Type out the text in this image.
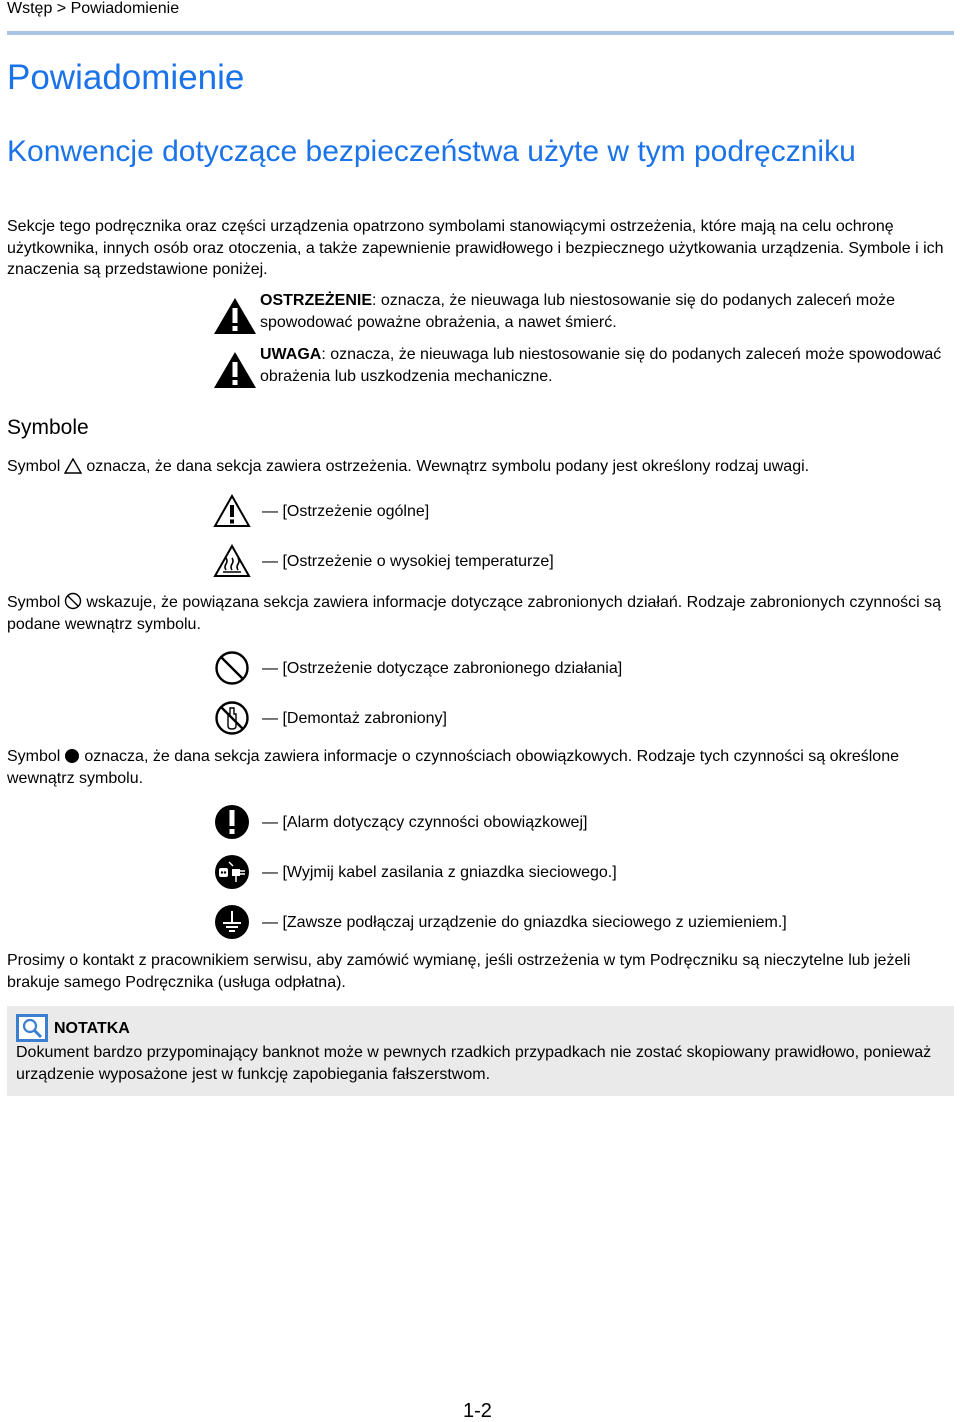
Wstęp > Powiadomienie
Powiadomienie
Konwencje dotyczące bezpieczeństwa użyte w tym podręczniku

Sekcje tego podręcznika oraz części urządzenia opatrzono symbolami stanowiącymi ostrzeżenia, które mają na celu ochronę użytkownika, innych osób oraz otoczenia, a także zapewnienie prawidłowego i bezpiecznego użytkowania urządzenia. Symbole i ich znaczenia są przedstawione poniżej.

OSTRZEŻENIE: oznacza, że nieuwaga lub niestosowanie się do podanych zaleceń może spowodować poważne obrażenia, a nawet śmierć.

UWAGA: oznacza, że nieuwaga lub niestosowanie się do podanych zaleceń może spowodować obrażenia lub uszkodzenia mechaniczne.

Symbole

Symbol oznacza, że dana sekcja zawiera ostrzeżenia. Wewnątrz symbolu podany jest określony rodzaj uwagi.

— [Ostrzeżenie ogólne]
— [Ostrzeżenie o wysokiej temperaturze]

Symbol wskazuje, że powiązana sekcja zawiera informacje dotyczące zabronionych działań. Rodzaje zabronionych czynności są podane wewnątrz symbolu.

— [Ostrzeżenie dotyczące zabronionego działania]
— [Demontaż zabroniony]

Symbol oznacza, że dana sekcja zawiera informacje o czynnościach obowiązkowych. Rodzaje tych czynności są określone wewnątrz symbolu.

— [Alarm dotyczący czynności obowiązkowej]
— [Wyjmij kabel zasilania z gniazdka sieciowego.]
— [Zawsze podłączaj urządzenie do gniazdka sieciowego z uziemieniem.]

Prosimy o kontakt z pracownikiem serwisu, aby zamówić wymianę, jeśli ostrzeżenia w tym Podręczniku są nieczytelne lub jeżeli brakuje samego Podręcznika (usługa odpłatna).

NOTATKA

Dokument bardzo przypominający banknot może w pewnych rzadkich przypadkach nie zostać skopiowany prawidłowo, ponieważ urządzenie wyposażone jest w funkcję zapobiegania fałszerstwom.

1-2
